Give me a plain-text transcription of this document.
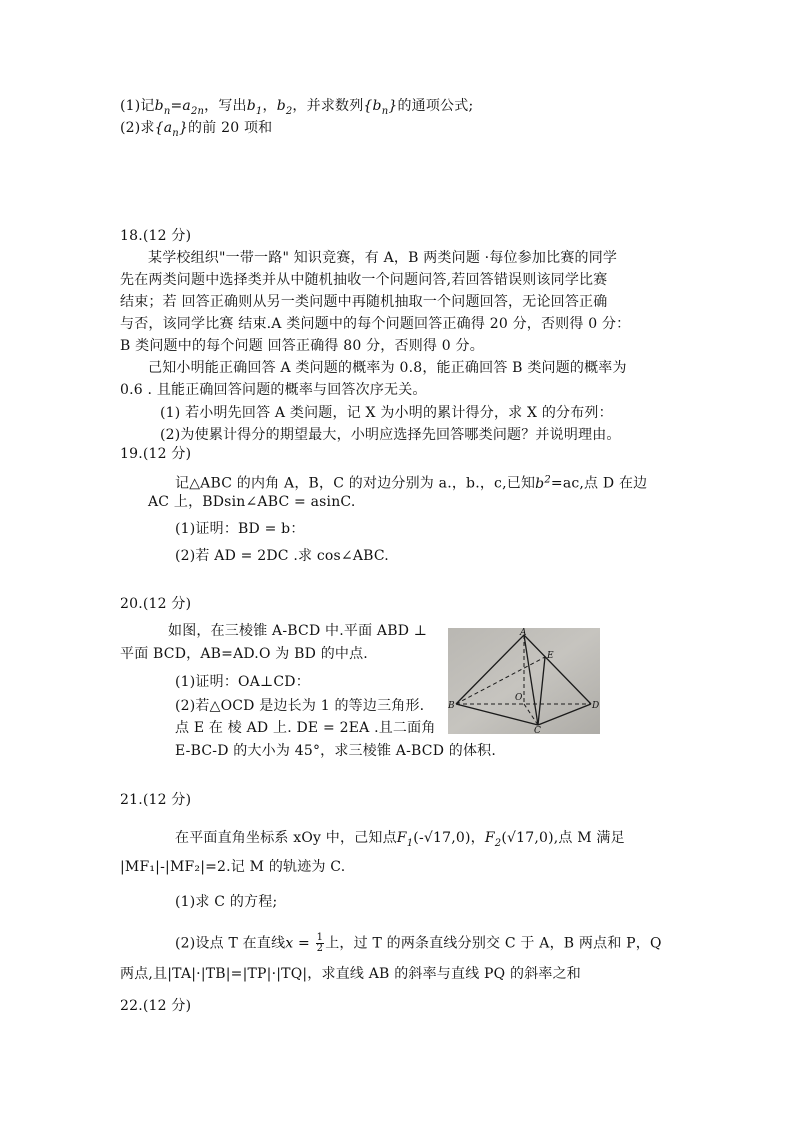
(1)记$b_n=a_{2n}$，写出$b_1$，$b_2$，并求数列$\{b_n\}$的通项公式;
(2)求$\{a_n\}$的前 20 项和
18.(12 分)
某学校组织"一带一路" 知识竞赛，有 A，B 两类问题 ·每位参加比赛的同学
先在两类问题中选择类并从中随机抽收一个问题问答,若回答错误则该同学比赛
结束；若 回答正确则从另一类问题中再随机抽取一个问题回答，无论回答正确
与否，该同学比赛 结束.A 类问题中的每个问题回答正确得 20 分，否则得 0 分：
B 类问题中的每个问题 回答正确得 80 分，否则得 0 分。
己知小明能正确回答 A 类问题的概率为 0.8，能正确回答 B 类问题的概率为
0.6 . 且能正确回答问题的概率与回答次序无关。
(1) 若小明先回答 A 类问题，记 X 为小明的累计得分，求 X 的分布列：
(2)为使累计得分的期望最大，小明应选择先回答哪类问题？并说明理由。
19.(12 分)
记△ABC 的内角 A，B，C 的对边分别为 a.，b.，c,已知$b^2=ac$,点 D 在边
AC 上，BDsin∠ABC = asinC.
(1)证明：BD = b：
(2)若 AD = 2DC .求 cos∠ABC.
20.(12 分)
如图，在三棱锥 A-BCD 中.平面 ABD ⊥
平面 BCD，AB=AD.O 为 BD 的中点.
(1)证明：OA⊥CD：
(2)若△OCD 是边长为 1 的等边三角形.
点 E 在 棱 AD 上. DE = 2EA .且二面角
E-BC-D 的大小为 45°，求三棱锥 A-BCD 的体积.
A
B
C
D
E
O
21.(12 分)
在平面直角坐标系 xOy 中，己知点$F_1(-√17,0)$，$F_2(√17,0)$,点 M 满足
|MF₁|-|MF₂|=2.记 M 的轨迹为 C.
(1)求 C 的方程;
(2)设点 T 在直线$x = \frac{1}{2}$ 上，过 T 的两条直线分别交 C 于 A，B 两点和 P，Q
两点,且|TA|·|TB|=|TP|·|TQ|，求直线 AB 的斜率与直线 PQ 的斜率之和
22.(12 分)
